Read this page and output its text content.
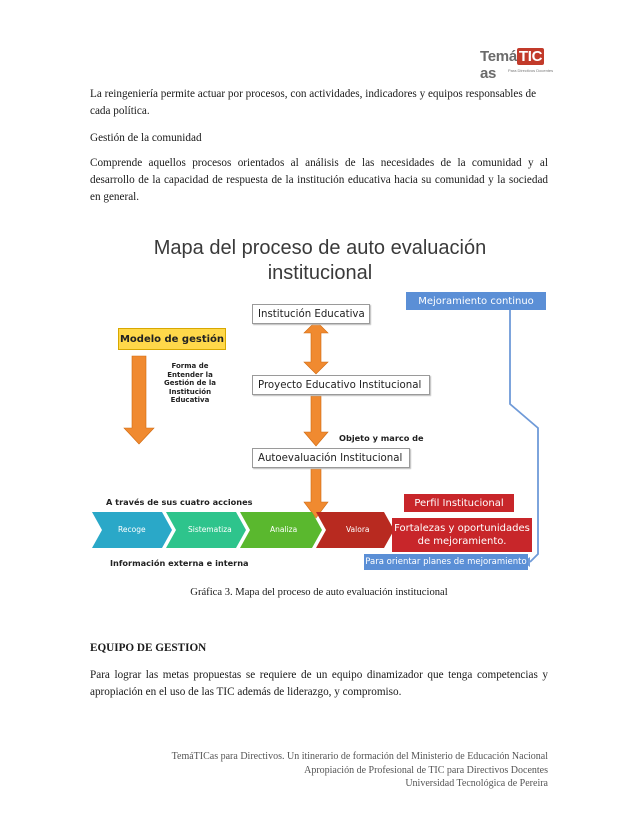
Temá TICas	Para Directivos Docentes

La reingeniería permite actuar por procesos, con actividades, indicadores y equipos responsables de cada política.

Gestión de la comunidad

Comprende aquellos procesos orientados al análisis de las necesidades de la comunidad y al desarrollo de la capacidad de respuesta de la institución educativa hacia su comunidad y la sociedad en general.

Mapa del proceso de auto evaluación
institucional
Institución Educativa
Mejoramiento continuo
Modelo de gestión
Forma de
Entender la
Gestión de la
Institución
Educativa
Proyecto Educativo Institucional
Objeto y marco de
Autoevaluación Institucional
A través de sus cuatro acciones	Perfil Institucional
Recoge	Sistematiza	Analiza	Valora Fortalezas y oportunidades
de mejoramiento.
Información externa e interna	Para orientar planes de mejoramiento
Gráfica 3. Mapa del proceso de auto evaluación institucional

EQUIPO DE GESTION

Para lograr las metas propuestas se requiere de un equipo dinamizador que tenga competencias y apropiación en el uso de las TIC además de liderazgo, y compromiso.

TemáTICas para Directivos. Un itinerario de formación del Ministerio de Educación Nacional
Apropiación de Profesional de TIC para Directivos Docentes
Universidad Tecnológica de Pereira
